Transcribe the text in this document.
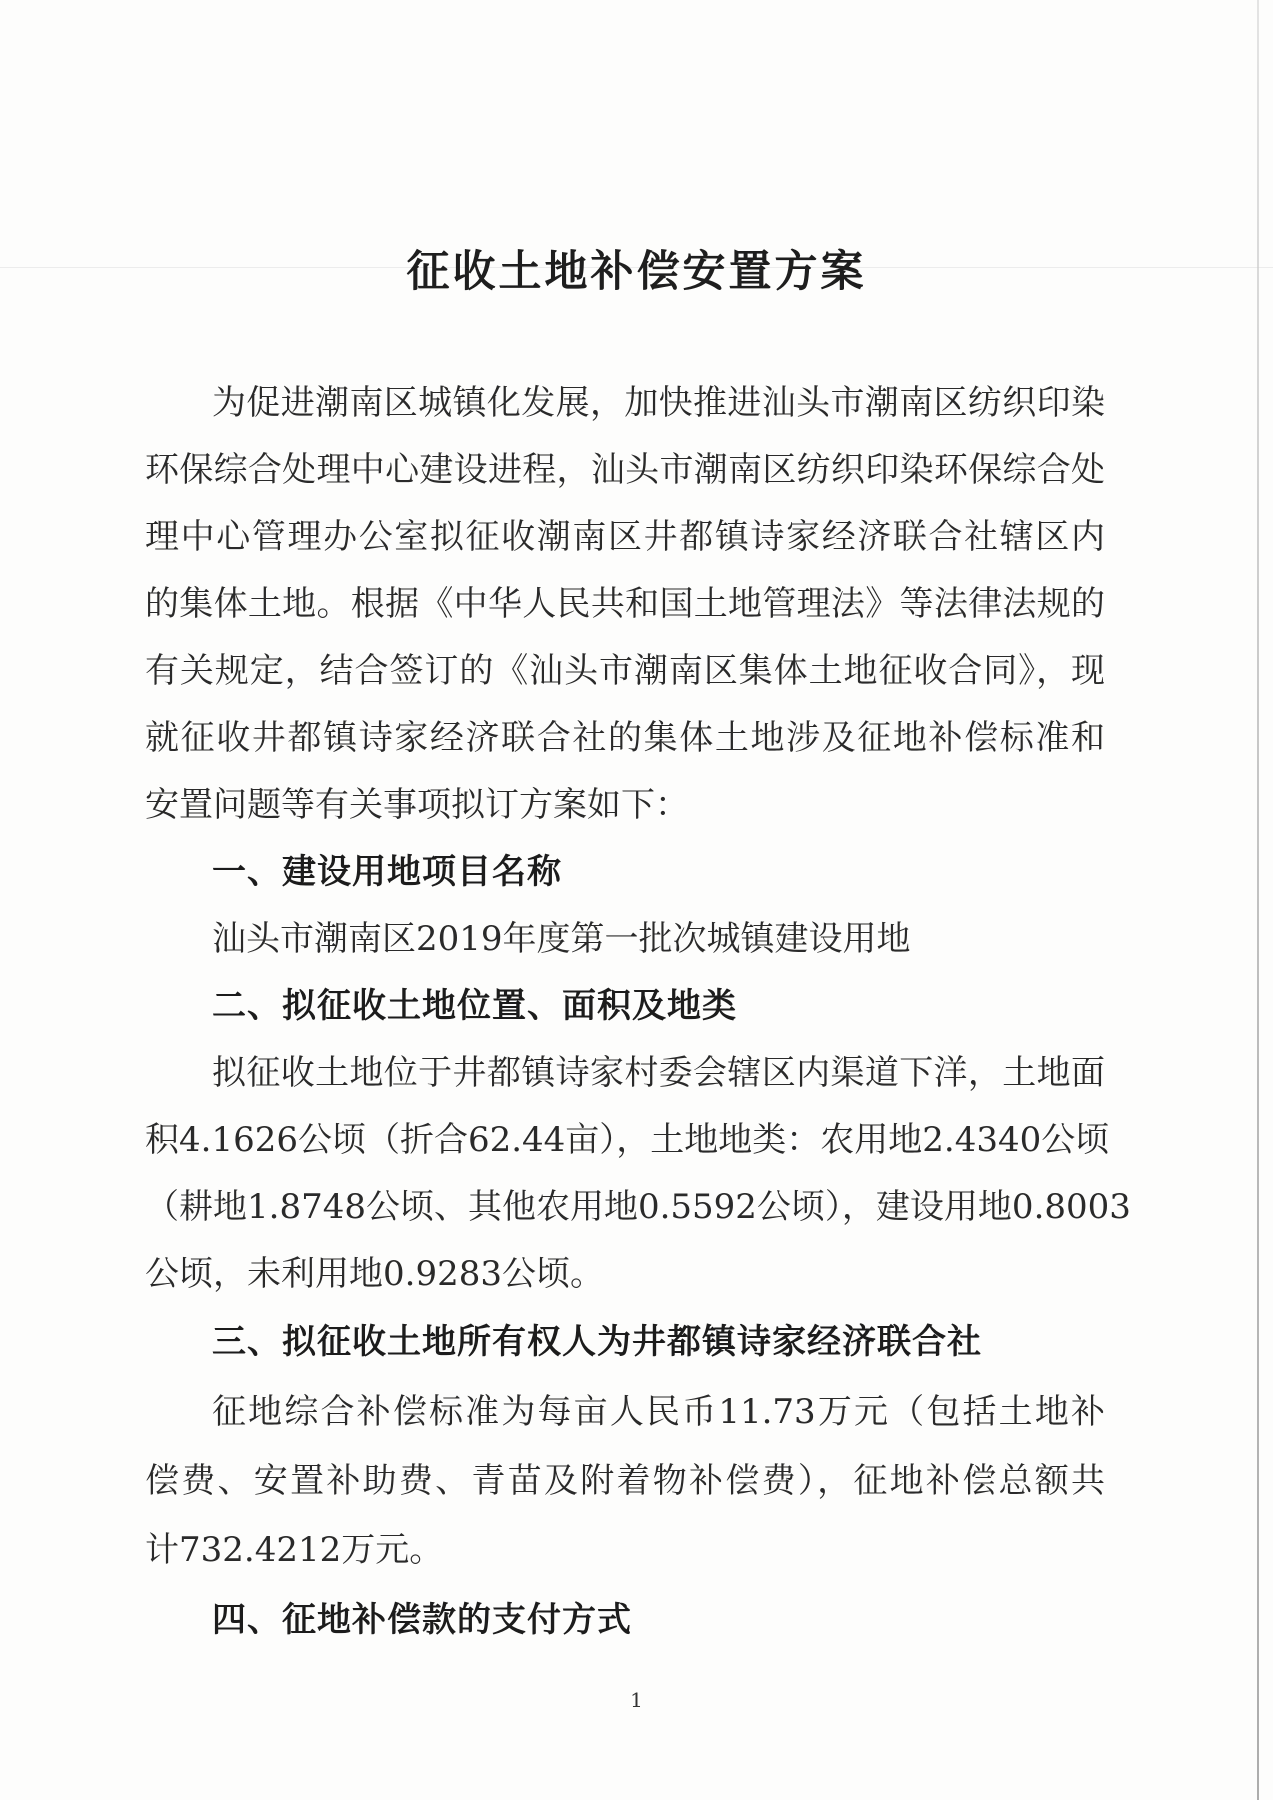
征收土地补偿安置方案

为促进潮南区城镇化发展，加快推进汕头市潮南区纺织印染

环保综合处理中心建设进程，汕头市潮南区纺织印染环保综合处

理中心管理办公室拟征收潮南区井都镇诗家经济联合社辖区内

的集体土地。根据《中华人民共和国土地管理法》等法律法规的

有关规定，结合签订的《汕头市潮南区集体土地征收合同》，现

就征收井都镇诗家经济联合社的集体土地涉及征地补偿标准和

安置问题等有关事项拟订方案如下：

一、建设用地项目名称

汕头市潮南区2019年度第一批次城镇建设用地

二、拟征收土地位置、面积及地类

拟征收土地位于井都镇诗家村委会辖区内渠道下洋，土地面

积4.1626公顷（折合62.44亩），土地地类：农用地2.4340公顷

（耕地1.8748公顷、其他农用地0.5592公顷），建设用地0.8003

公顷，未利用地0.9283公顷。

三、拟征收土地所有权人为井都镇诗家经济联合社

征地综合补偿标准为每亩人民币11.73万元（包括土地补

偿费、安置补助费、青苗及附着物补偿费），征地补偿总额共

计732.4212万元。

四、征地补偿款的支付方式

1
